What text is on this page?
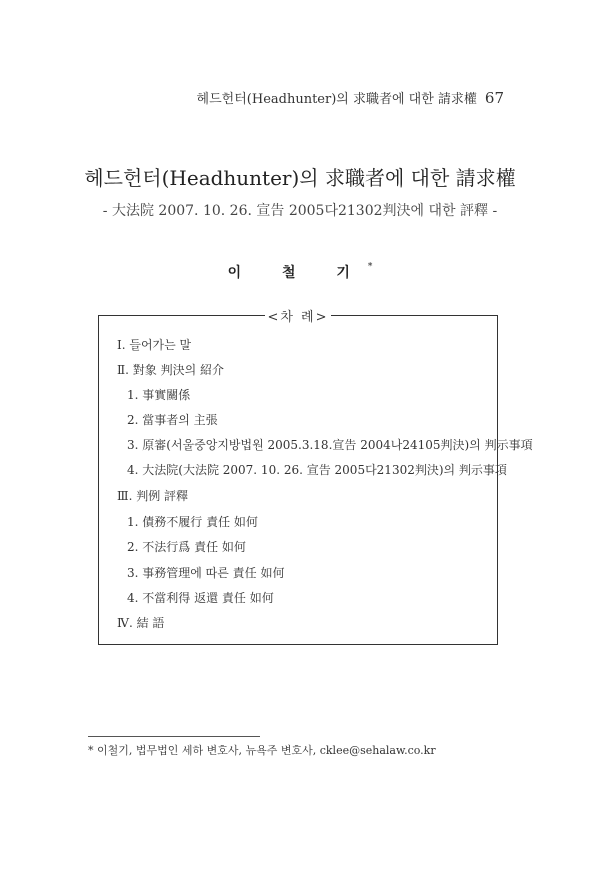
헤드헌터(Headhunter)의 求職者에 대한 請求權 67
헤드헌터(Headhunter)의 求職者에 대한 請求權
- 大法院 2007. 10. 26. 宣告 2005다21302判決에 대한 評釋 -
이 철 기*
<차 례>
Ⅰ. 들어가는 말
Ⅱ. 對象 判決의 紹介
1. 事實關係
2. 當事者의 主張
3. 原審(서울중앙지방법원 2005.3.18.宣告 2004나24105判決)의 判示事項
4. 大法院(大法院 2007. 10. 26. 宣告 2005다21302判決)의 判示事項
Ⅲ. 判例 評釋
1. 債務不履行 責任 如何
2. 不法行爲 責任 如何
3. 事務管理에 따른 責任 如何
4. 不當利得 返還 責任 如何
Ⅳ. 結 語
* 이철기, 법무법인 세하 변호사, 뉴욕주 변호사, cklee@sehalaw.co.kr
